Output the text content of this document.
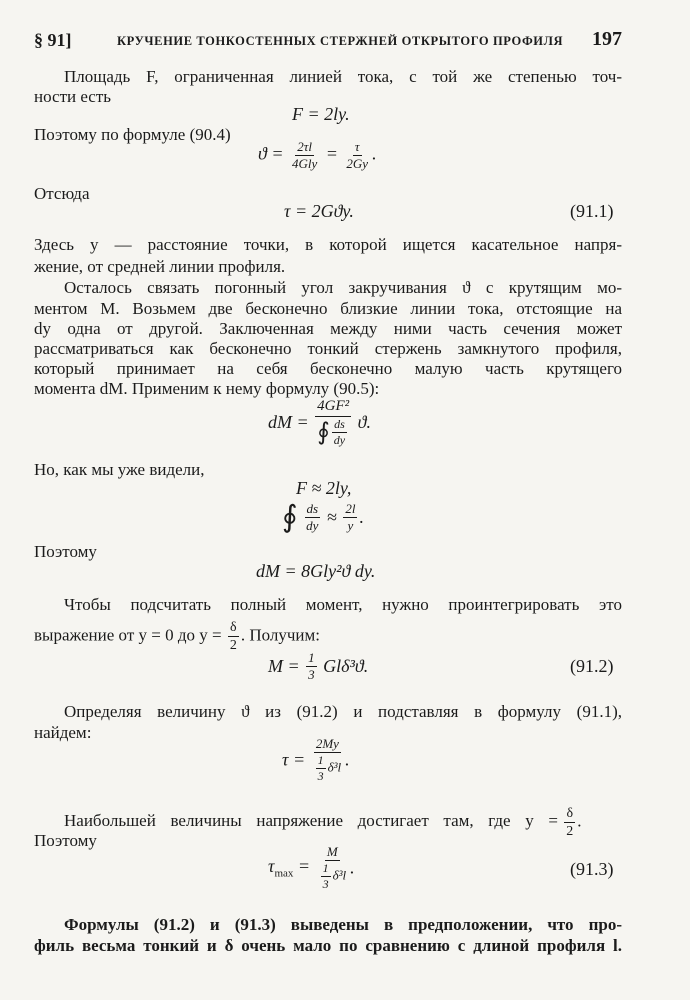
§ 91]	КРУЧЕНИЕ ТОНКОСТЕННЫХ СТЕРЖНЕЙ ОТКРЫТОГО ПРОФИЛЯ 197
Площадь F, ограниченная линией тока, с той же степенью точ-
ности есть
F = 2ly.
Поэтому по формуле (90.4)
$ϑ = \frac{2\tau l}{\text{4Gly}} = \frac{\tau}{2Gy}$ .
Отсюда
τ = 2Gϑy.	(91.1)
Здесь y — расстояние точки, в которой ищется касательное напря-
жение, от средней линии профиля.
Осталось связать погонный угол закручивания ϑ с крутящим мо-
ментом M. Возьмем две бесконечно близкие линии тока, отстоящие на
dy одна от другой. Заключенная между ними часть сечения может
рассматриваться как бесконечно тонкий стержень замкнутого профиля,
который принимает на себя бесконечно малую часть крутящего
момента dM. Применим к нему формулу (90.5):
dM = $\frac{\text{4GF²}}{∮ \frac{ds}{dy}} ϑ$.
Но, как мы уже видели,
F ≈ 2ly,
∮ $\frac{ds}{dy} \approx \frac{2l}{y}$ .
Поэтому
dM = 8Gly²ϑ dy.
Чтобы подсчитать полный момент, нужно проинтегрировать это
выражение от y = 0 до $y = \frac{\delta}{2}$ . Получим:
$M = \frac{1}{3} Gl\delta^3ϑ$.	(91.2)
Определяя величину ϑ из (91.2) и подставляя в формулу (91.1),
найдем:
$\tau = \frac{2My}{\frac{1}{3} \delta^3l}$ .
Наибольшей величины напряжение достигает там, где $y = \frac{\delta}{2}$ .
Поэтому
$\tau_{max} = \frac{M}{\frac{1}{3} \delta^3l}$ .	(91.3)
Формулы (91.2) и (91.3) выведены в предположении, что про-
филь весьма тонкий и δ очень мало по сравнению с длиной профиля l.
